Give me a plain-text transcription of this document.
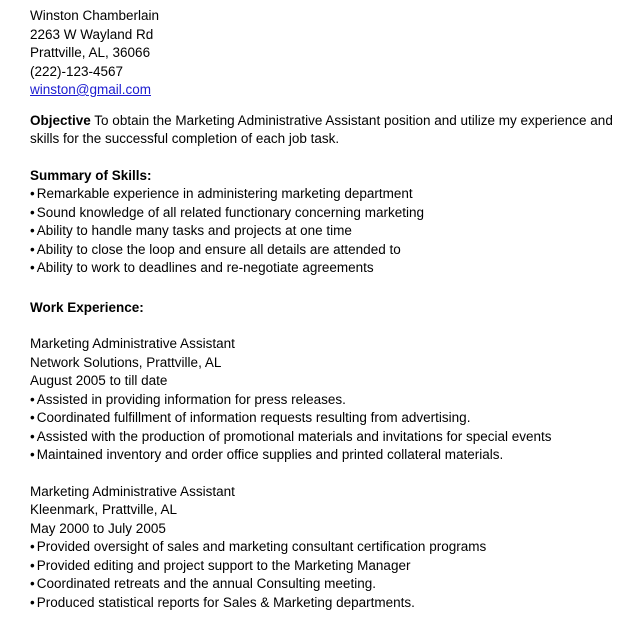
Winston Chamberlain
2263 W Wayland Rd
Prattville, AL, 36066
(222)-123-4567
winston@gmail.com

Objective To obtain the Marketing Administrative Assistant position and utilize my experience and skills for the successful completion of each job task.

Summary of Skills:
• Remarkable experience in administering marketing department
• Sound knowledge of all related functionary concerning marketing
• Ability to handle many tasks and projects at one time
• Ability to close the loop and ensure all details are attended to
• Ability to work to deadlines and re-negotiate agreements
Work Experience:
Marketing Administrative Assistant
Network Solutions, Prattville, AL
August 2005 to till date
• Assisted in providing information for press releases.
• Coordinated fulfillment of information requests resulting from advertising.
• Assisted with the production of promotional materials and invitations for special events
• Maintained inventory and order office supplies and printed collateral materials.
Marketing Administrative Assistant
Kleenmark, Prattville, AL
May 2000 to July 2005
• Provided oversight of sales and marketing consultant certification programs
• Provided editing and project support to the Marketing Manager
• Coordinated retreats and the annual Consulting meeting.
• Produced statistical reports for Sales & Marketing departments.
